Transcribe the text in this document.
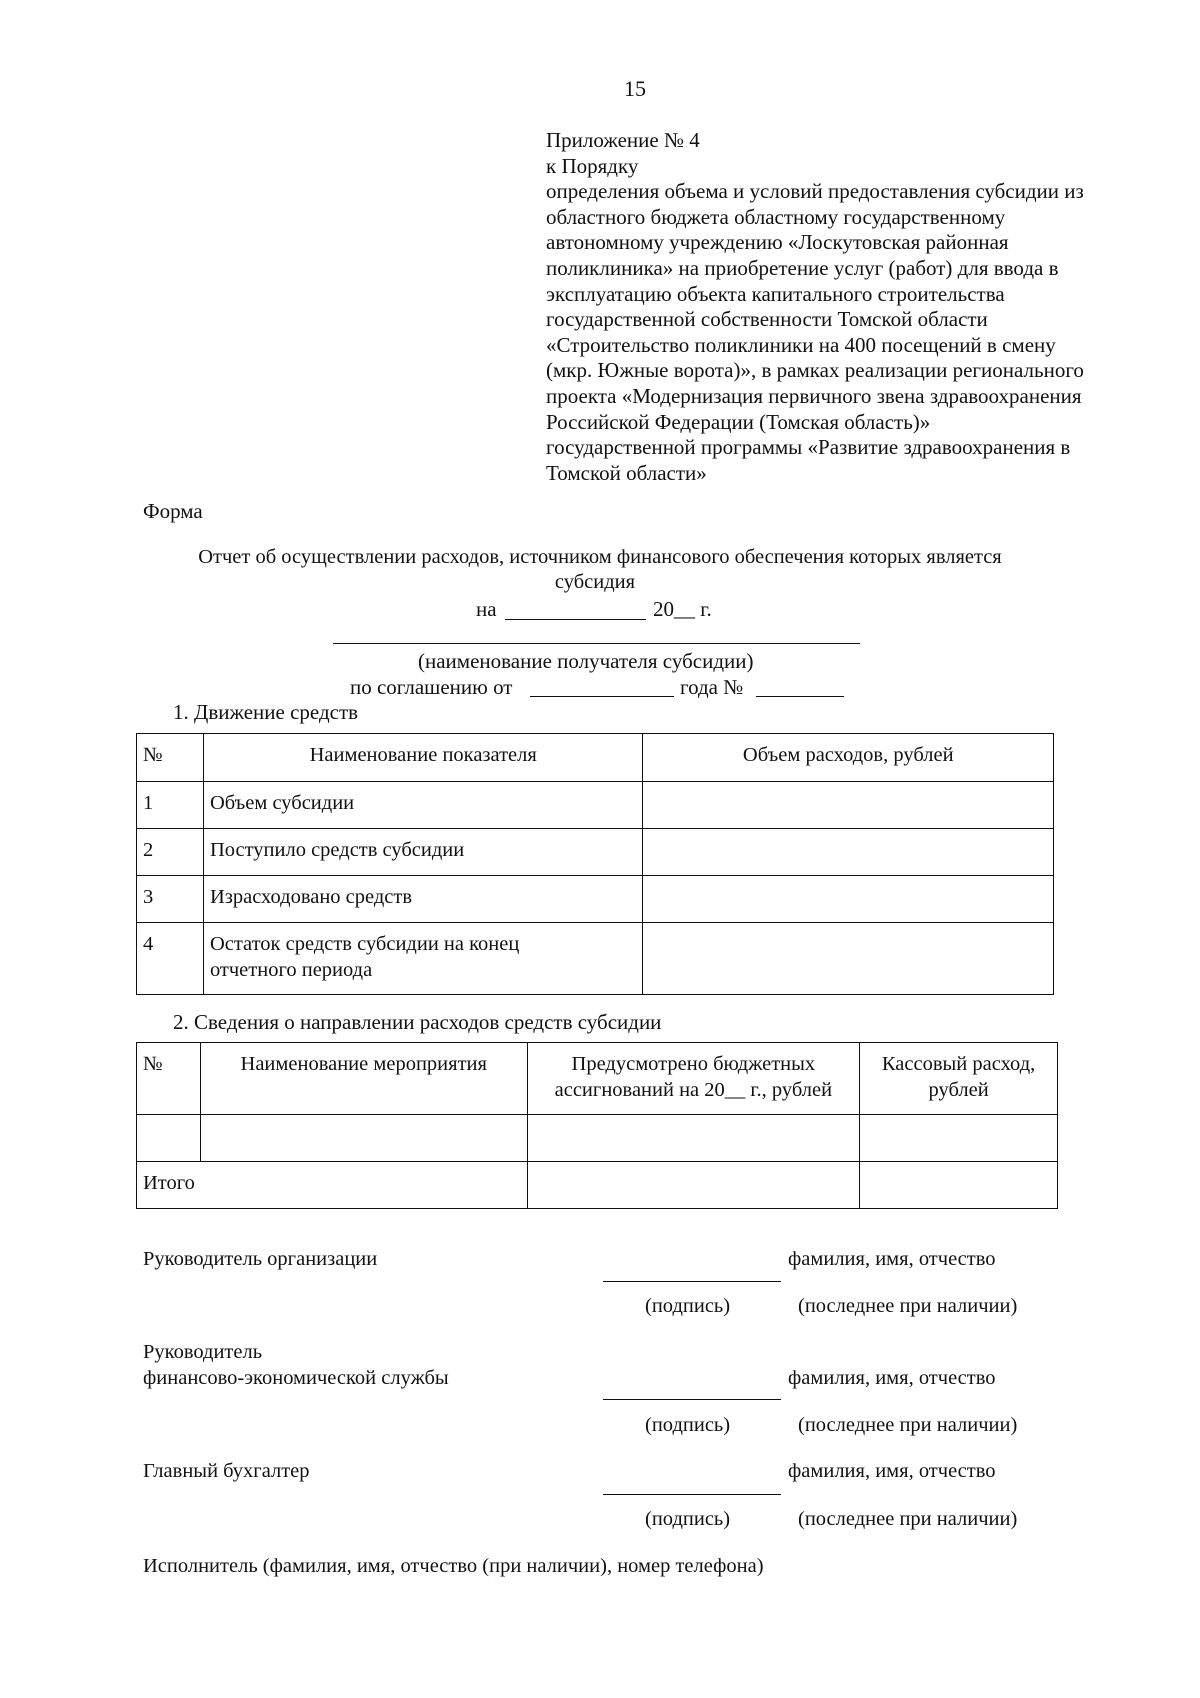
15
Приложение № 4
к Порядку
определения объема и условий предоставления субсидии из
областного бюджета областному государственному
автономному учреждению «Лоскутовская районная
поликлиника» на приобретение услуг (работ) для ввода в
эксплуатацию объекта капитального строительства
государственной собственности Томской области
«Строительство поликлиники на 400 посещений в смену
(мкр. Южные ворота)», в рамках реализации регионального
проекта «Модернизация первичного звена здравоохранения
Российской Федерации (Томская область)»
государственной программы «Развитие здравоохранения в
Томской области»
Форма
Отчет об осуществлении расходов, источником финансового обеспечения которых является
субсидия
на	20__ г.
(наименование получателя субсидии)
по соглашению от	года №
1. Движение средств
№	Наименование показателя	Объем расходов, рублей
1	Объем субсидии	
2	Поступило средств субсидии	
3	Израсходовано средств	
4	Остаток средств субсидии на конец отчетного периода	
2. Сведения о направлении расходов средств субсидии
№	Наименование мероприятия	Предусмотрено бюджетных ассигнований на 20__ г., рублей	Кассовый расход, рублей

Итого			
Руководитель организации	фамилия, имя, отчество
(подпись)	(последнее при наличии)
Руководитель
финансово-экономической службы	фамилия, имя, отчество
(подпись)	(последнее при наличии)
Главный бухгалтер	фамилия, имя, отчество
(подпись)	(последнее при наличии)
Исполнитель (фамилия, имя, отчество (при наличии), номер телефона)
